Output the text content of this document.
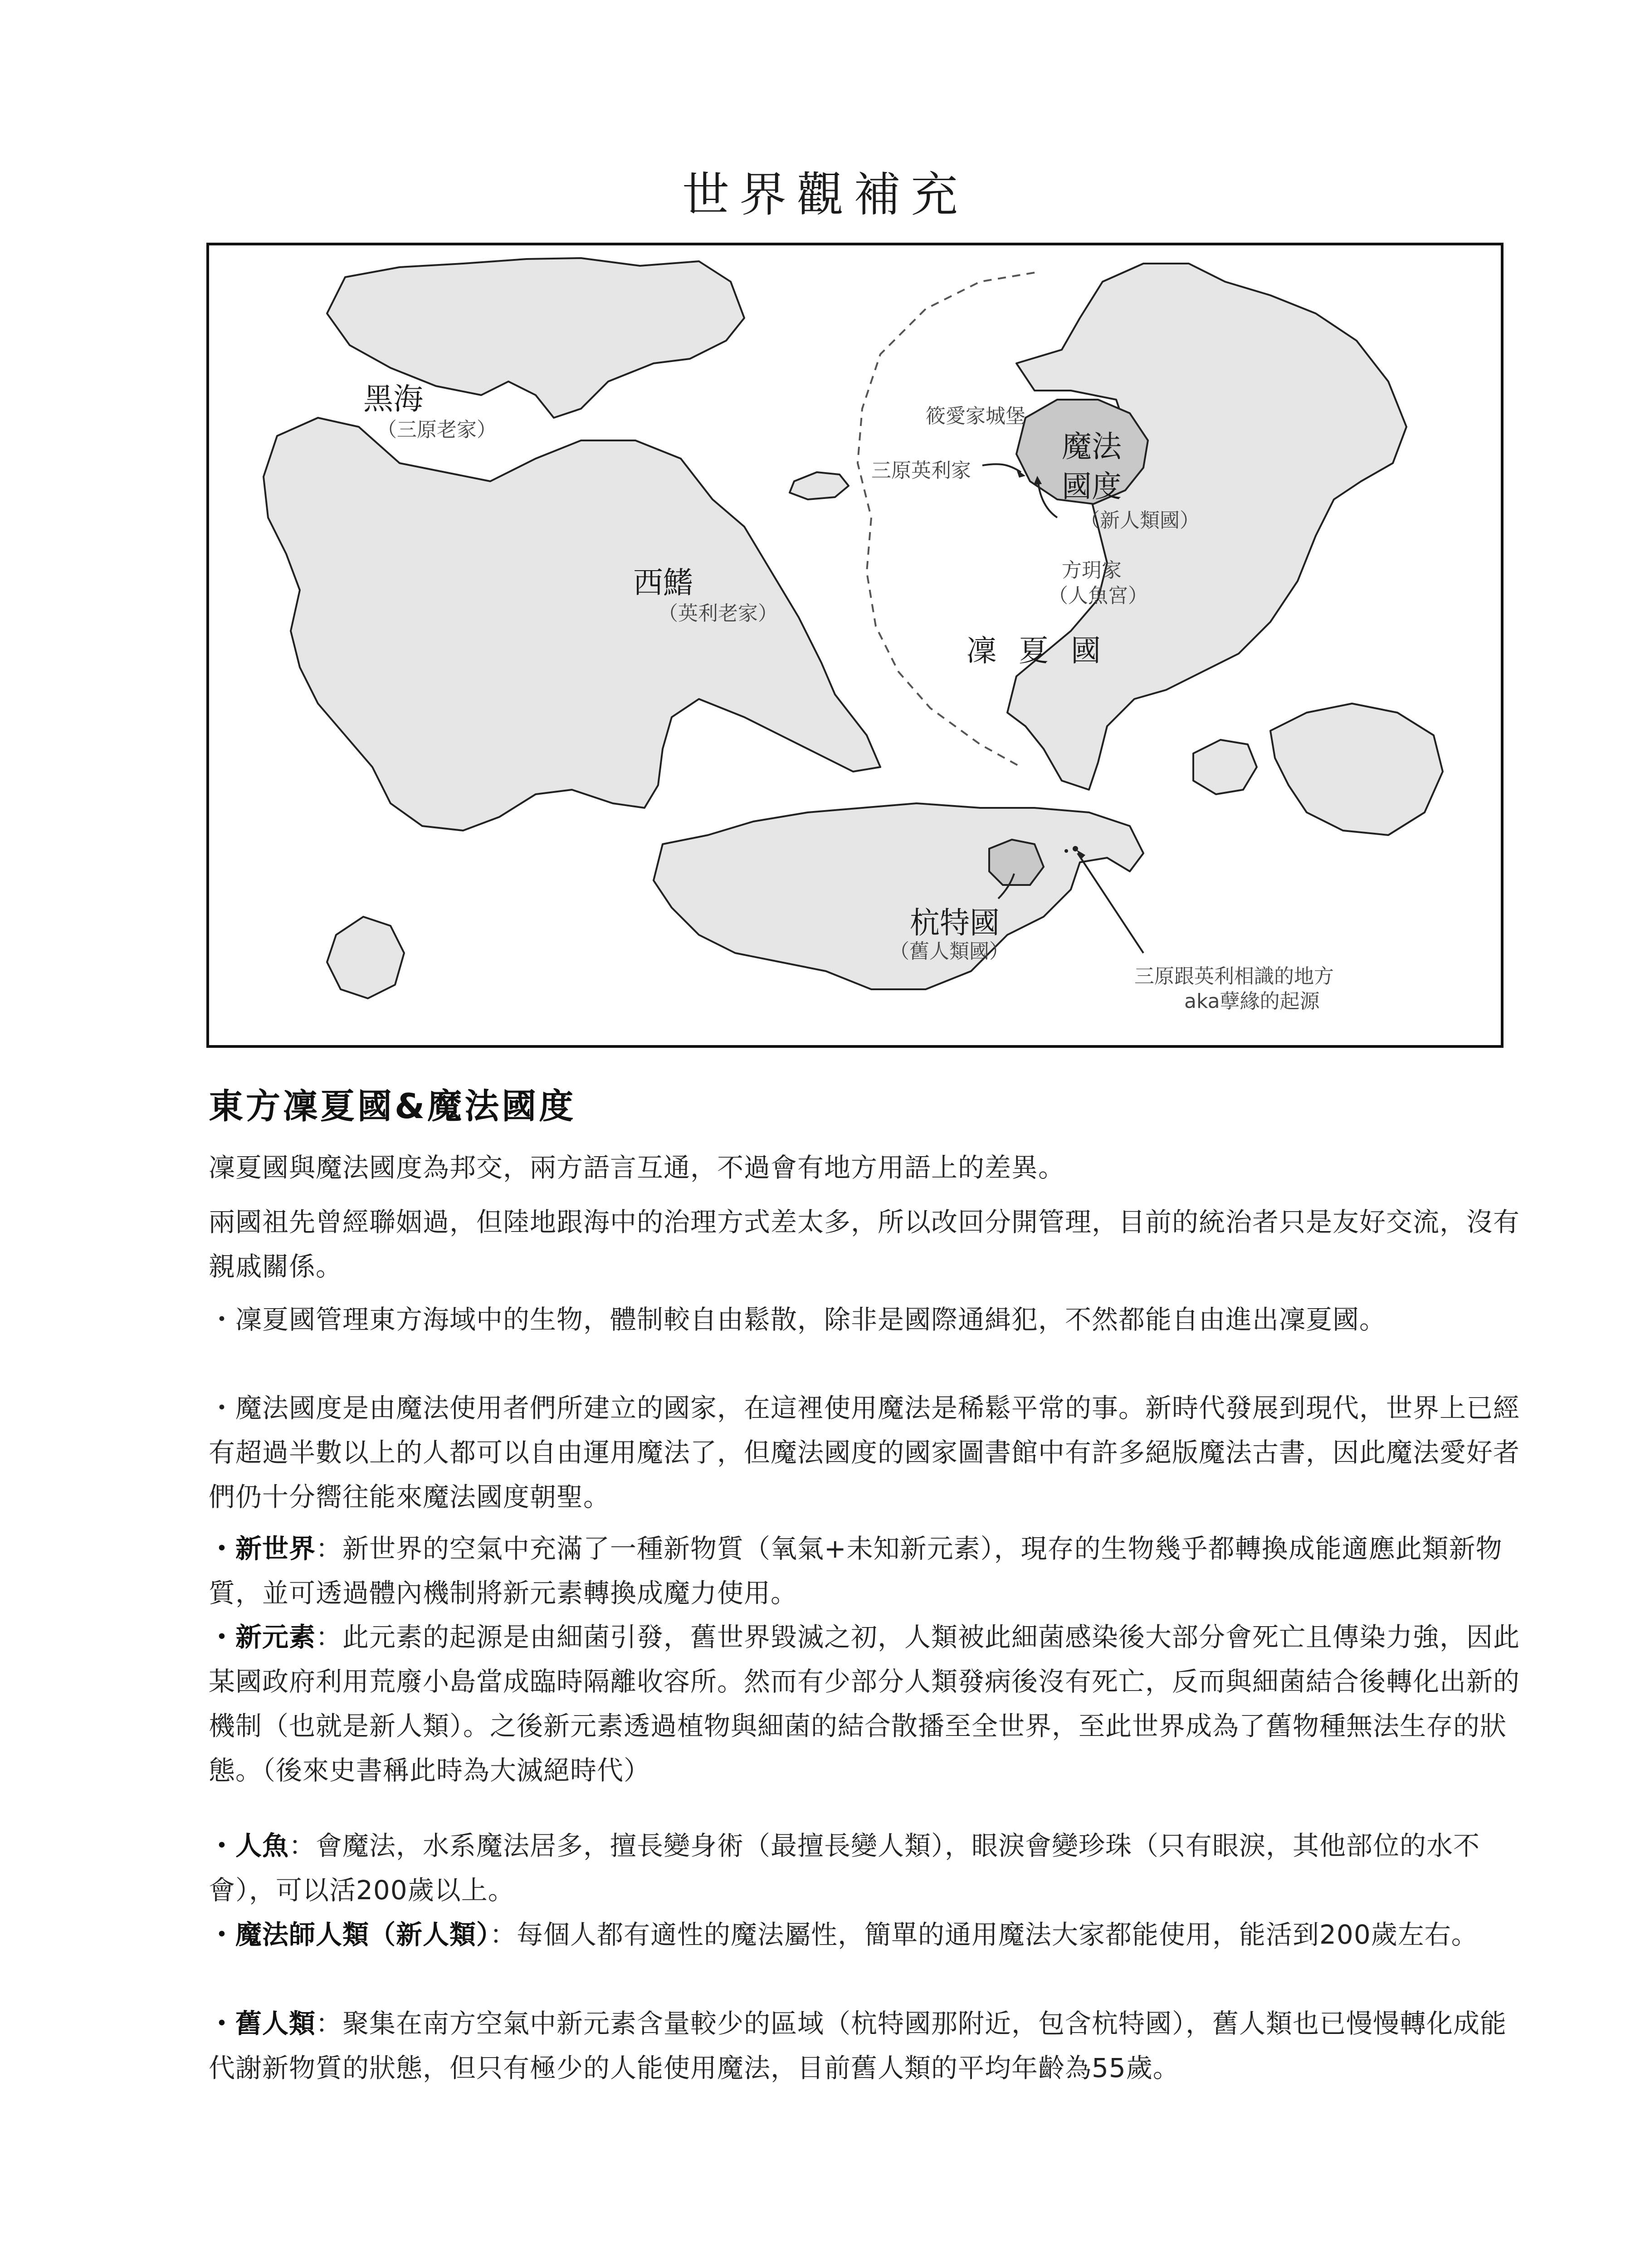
世界觀補充
黑海
（三原老家）
西鰭
（英利老家）
凜 夏 國
魔法
國度
（新人類國）
筱愛家城堡
三原英利家
方玥家
（人魚宮）
杭特國
（舊人類國）
三原跟英利相識的地方
aka孽緣的起源
東方凜夏國&魔法國度
凜夏國與魔法國度為邦交，兩方語言互通，不過會有地方用語上的差異。
兩國祖先曾經聯姻過，但陸地跟海中的治理方式差太多，所以改回分開管理，目前的統治者只是友好交流，沒有親戚關係。
・凜夏國管理東方海域中的生物，體制較自由鬆散，除非是國際通緝犯，不然都能自由進出凜夏國。
・魔法國度是由魔法使用者們所建立的國家，在這裡使用魔法是稀鬆平常的事。新時代發展到現代，世界上已經有超過半數以上的人都可以自由運用魔法了，但魔法國度的國家圖書館中有許多絕版魔法古書，因此魔法愛好者們仍十分嚮往能來魔法國度朝聖。
・新世界：新世界的空氣中充滿了一種新物質（氧氣+未知新元素），現存的生物幾乎都轉換成能適應此類新物質，並可透過體內機制將新元素轉換成魔力使用。
・新元素：此元素的起源是由細菌引發，舊世界毀滅之初，人類被此細菌感染後大部分會死亡且傳染力強，因此某國政府利用荒廢小島當成臨時隔離收容所。然而有少部分人類發病後沒有死亡，反而與細菌結合後轉化出新的機制（也就是新人類）。之後新元素透過植物與細菌的結合散播至全世界，至此世界成為了舊物種無法生存的狀態。（後來史書稱此時為大滅絕時代）
・人魚：會魔法，水系魔法居多，擅長變身術（最擅長變人類），眼淚會變珍珠（只有眼淚，其他部位的水不會），可以活200歲以上。
・魔法師人類（新人類）：每個人都有適性的魔法屬性，簡單的通用魔法大家都能使用，能活到200歲左右。
・舊人類：聚集在南方空氣中新元素含量較少的區域（杭特國那附近，包含杭特國），舊人類也已慢慢轉化成能代謝新物質的狀態，但只有極少的人能使用魔法，目前舊人類的平均年齡為55歲。
